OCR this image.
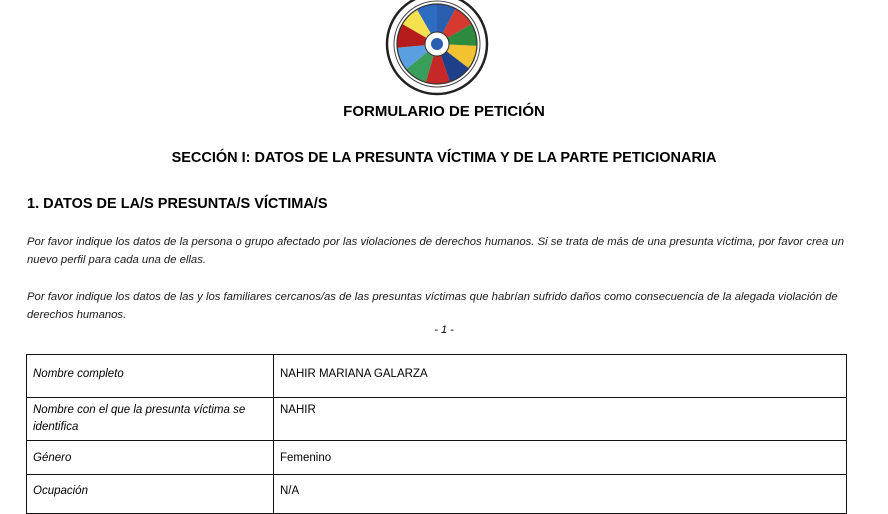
FORMULARIO DE PETICIÓN
SECCIÓN I: DATOS DE LA PRESUNTA VÍCTIMA Y DE LA PARTE PETICIONARIA
1. DATOS DE LA/S PRESUNTA/S VÍCTIMA/S
Por favor indique los datos de la persona o grupo afectado por las violaciones de derechos humanos. Si se trata de más de una presunta víctima, por favor crea un nuevo perfil para cada una de ellas.
Por favor indique los datos de las y los familiares cercanos/as de las presuntas víctimas que habrían sufrido daños como consecuencia de la alegada violación de derechos humanos.
- 1 -
Nombre completo	NAHIR MARIANA GALARZA
Nombre con el que la presunta víctima se identifica	NAHIR
Género	Femenino
Ocupación	N/A
